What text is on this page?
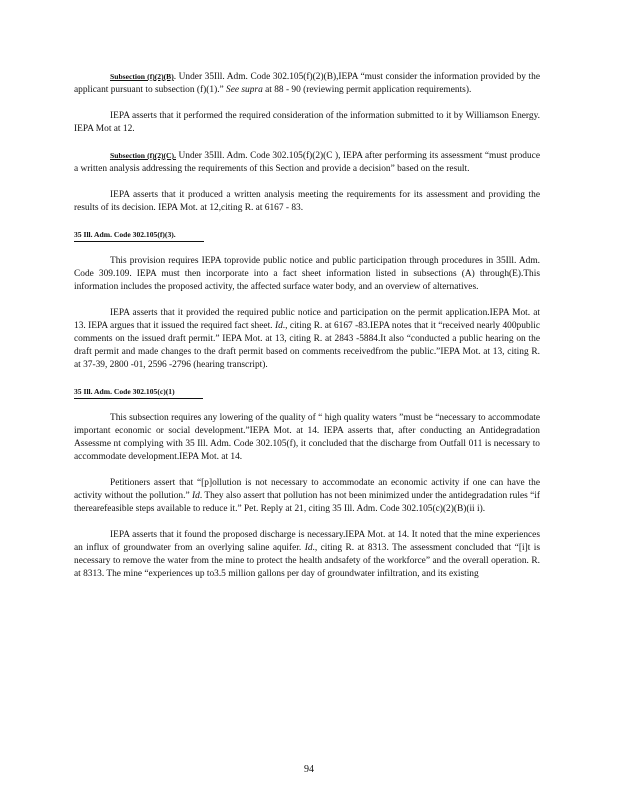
Subsection (f)(2)(B). Under 35Ill. Adm. Code 302.105(f)(2)(B),IEPA “must consider the information provided by the applicant pursuant to subsection (f)(1).” See supra at 88 - 90 (reviewing permit application requirements).

IEPA asserts that it performed the required consideration of the information submitted to it by Williamson Energy. IEPA Mot at 12.

Subsection (f)(2)(C). Under 35Ill. Adm. Code 302.105(f)(2)(C ), IEPA after performing its assessment “must produce a written analysis addressing the requirements of this Section and provide a decision” based on the result.

IEPA asserts that it produced a written analysis meeting the requirements for its assessment and providing the results of its decision. IEPA Mot. at 12,citing R. at 6167 - 83.

35 Ill. Adm. Code 302.105(f)(3).

This provision requires IEPA toprovide public notice and public participation through procedures in 35Ill. Adm. Code 309.109. IEPA must then incorporate into a fact sheet information listed in subsections (A) through(E).This information includes the proposed activity, the affected surface water body, and an overview of alternatives.

IEPA asserts that it provided the required public notice and participation on the permit application.IEPA Mot. at 13. IEPA argues that it issued the required fact sheet. Id., citing R. at 6167 -83.IEPA notes that it “received nearly 400public comments on the issued draft permit.” IEPA Mot. at 13, citing R. at 2843 -5884.It also “conducted a public hearing on the draft permit and made changes to the draft permit based on comments receivedfrom the public.”IEPA Mot. at 13, citing R. at 37-39, 2800 -01, 2596 -2796 (hearing transcript).

35 Ill. Adm. Code 302.105(c)(1)

This subsection requires any lowering of the quality of “ high quality waters ”must be “necessary to accommodate important economic or social development.”IEPA Mot. at 14. IEPA asserts that, after conducting an Antidegradation Assessme nt complying with 35 Ill. Adm. Code 302.105(f), it concluded that the discharge from Outfall 011 is necessary to accommodate development.IEPA Mot. at 14.

Petitioners assert that “[p]ollution is not necessary to accommodate an economic activity if one can have the activity without the pollution.” Id. They also assert that pollution has not been minimized under the antidegradation rules “if therearefeasible steps available to reduce it.” Pet. Reply at 21, citing 35 Ill. Adm. Code 302.105(c)(2)(B)(ii i).

IEPA asserts that it found the proposed discharge is necessary.IEPA Mot. at 14. It noted that the mine experiences an influx of groundwater from an overlying saline aquifer. Id., citing R. at 8313. The assessment concluded that “[i]t is necessary to remove the water from the mine to protect the health andsafety of the workforce” and the overall operation. R. at 8313. The mine “experiences up to3.5 million gallons per day of groundwater infiltration, and its existing

94
